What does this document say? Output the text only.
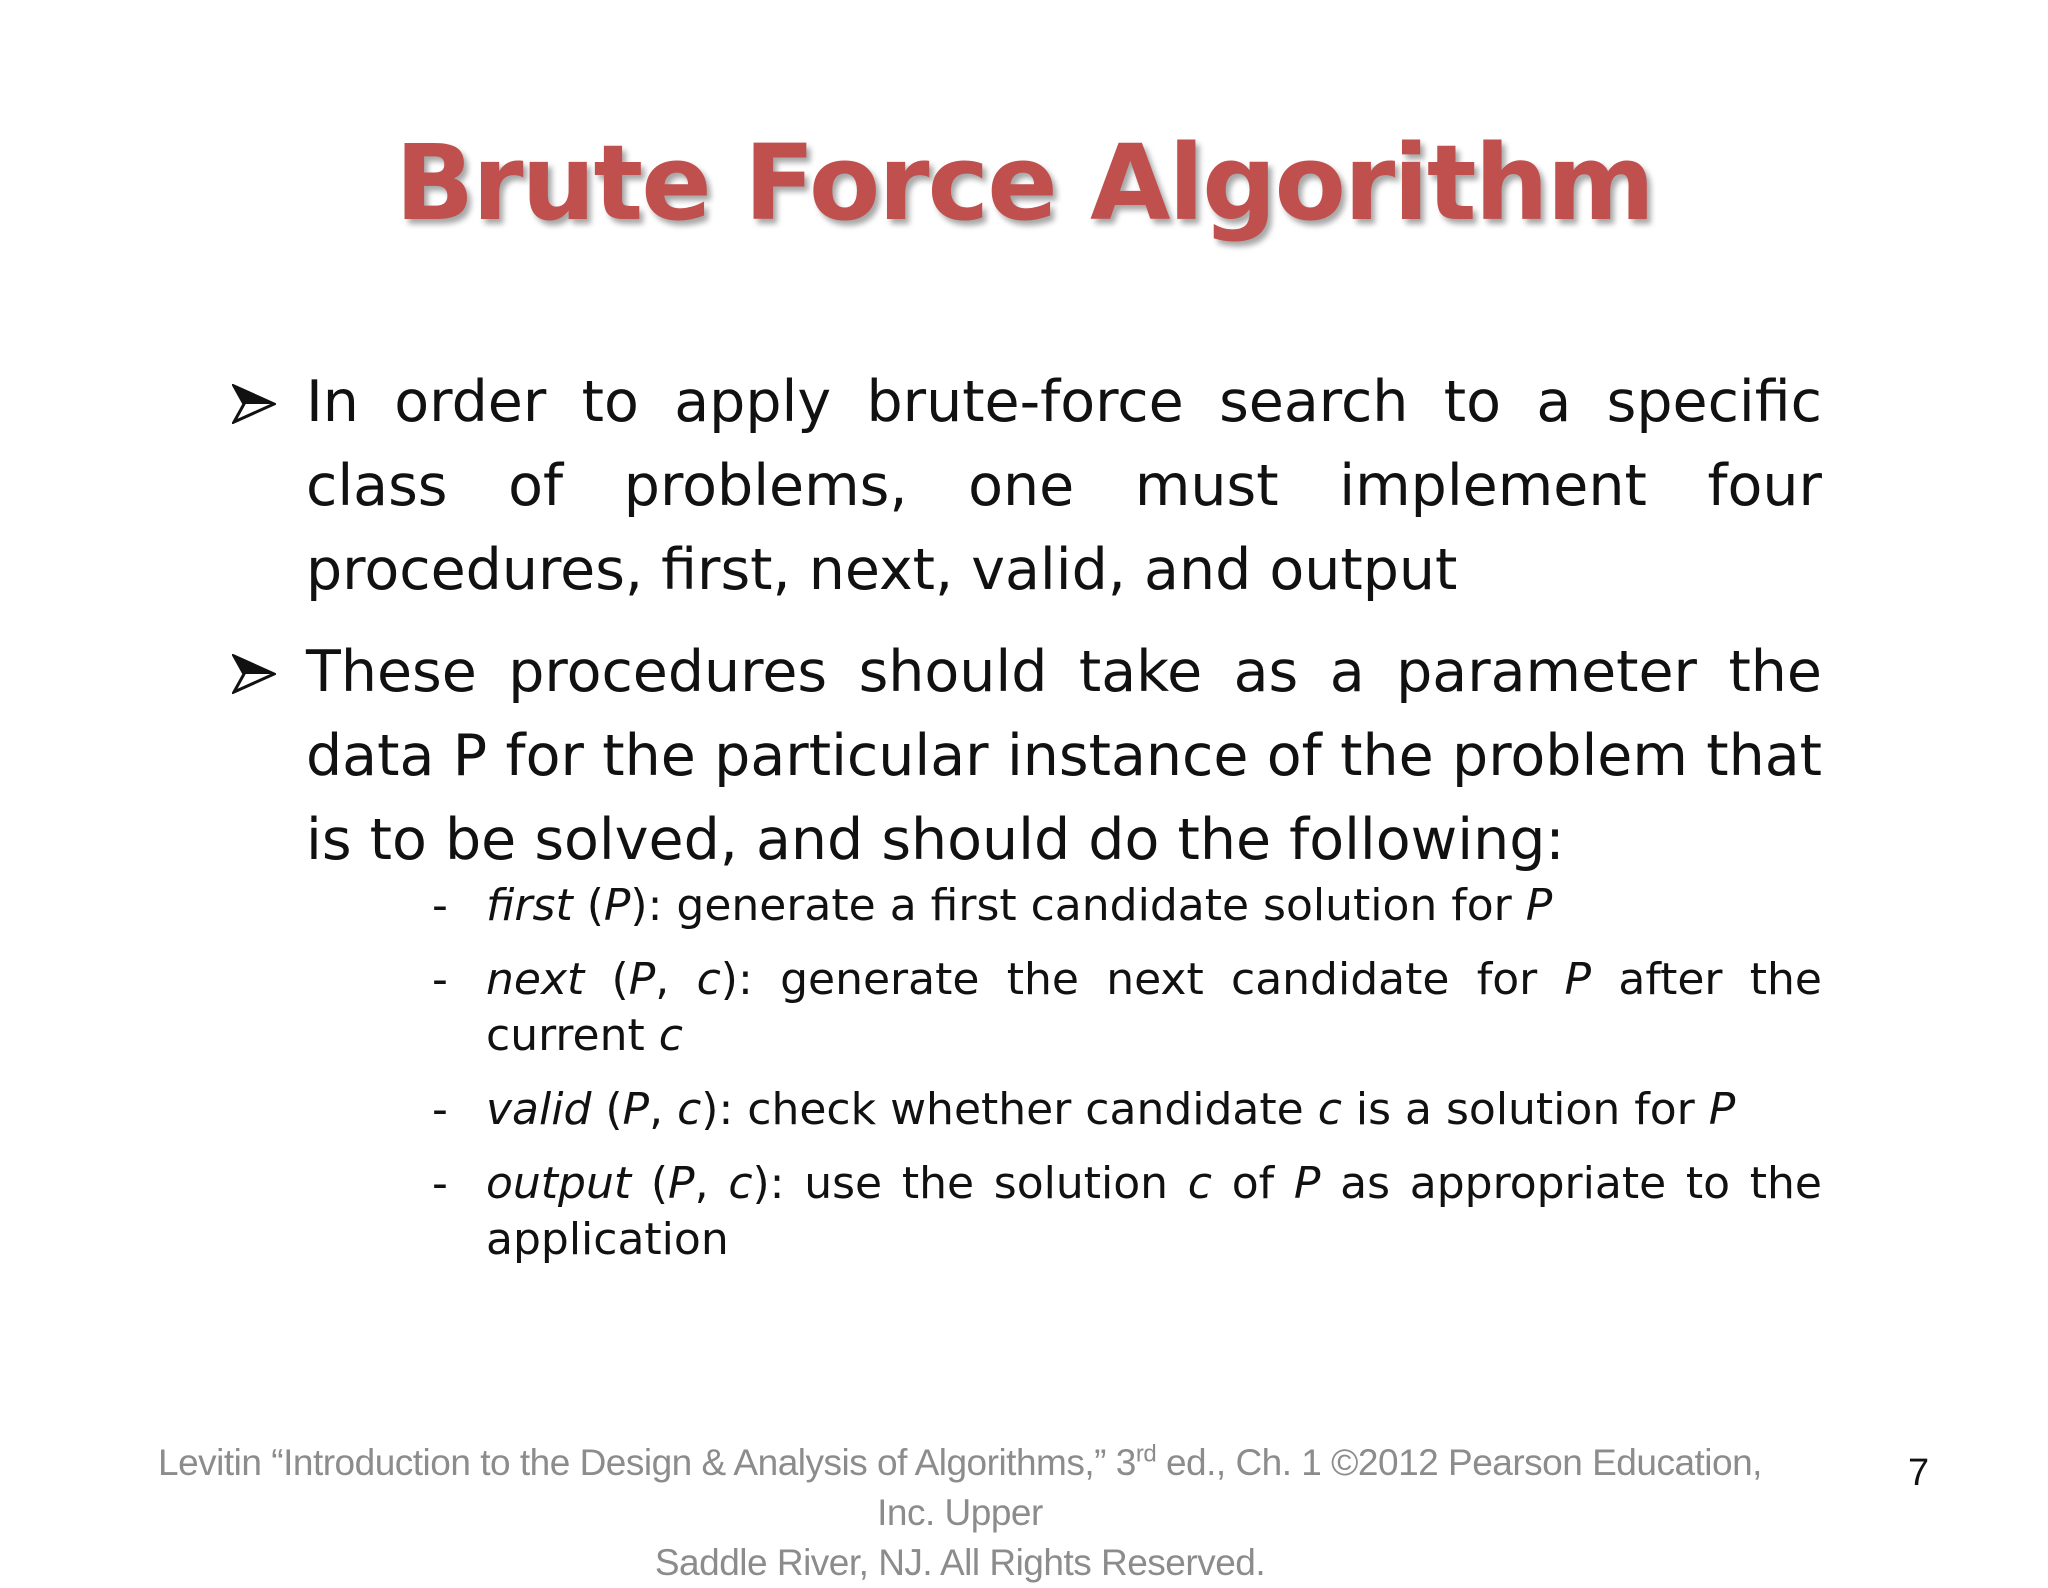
Brute Force Algorithm
In order to apply brute-force search to a specific class of problems, one must implement four procedures, first, next, valid, and output
These procedures should take as a parameter the data P for the particular instance of the problem that is to be solved, and should do the following:
- first (P): generate a first candidate solution for P
- next (P, c): generate the next candidate for P after the current c
- valid (P, c): check whether candidate c is a solution for P
- output (P, c): use the solution c of P as appropriate to the application
Levitin “Introduction to the Design & Analysis of Algorithms,” 3rd ed., Ch. 1 ©2012 Pearson Education, Inc. Upper
Saddle River, NJ. All Rights Reserved.
7
